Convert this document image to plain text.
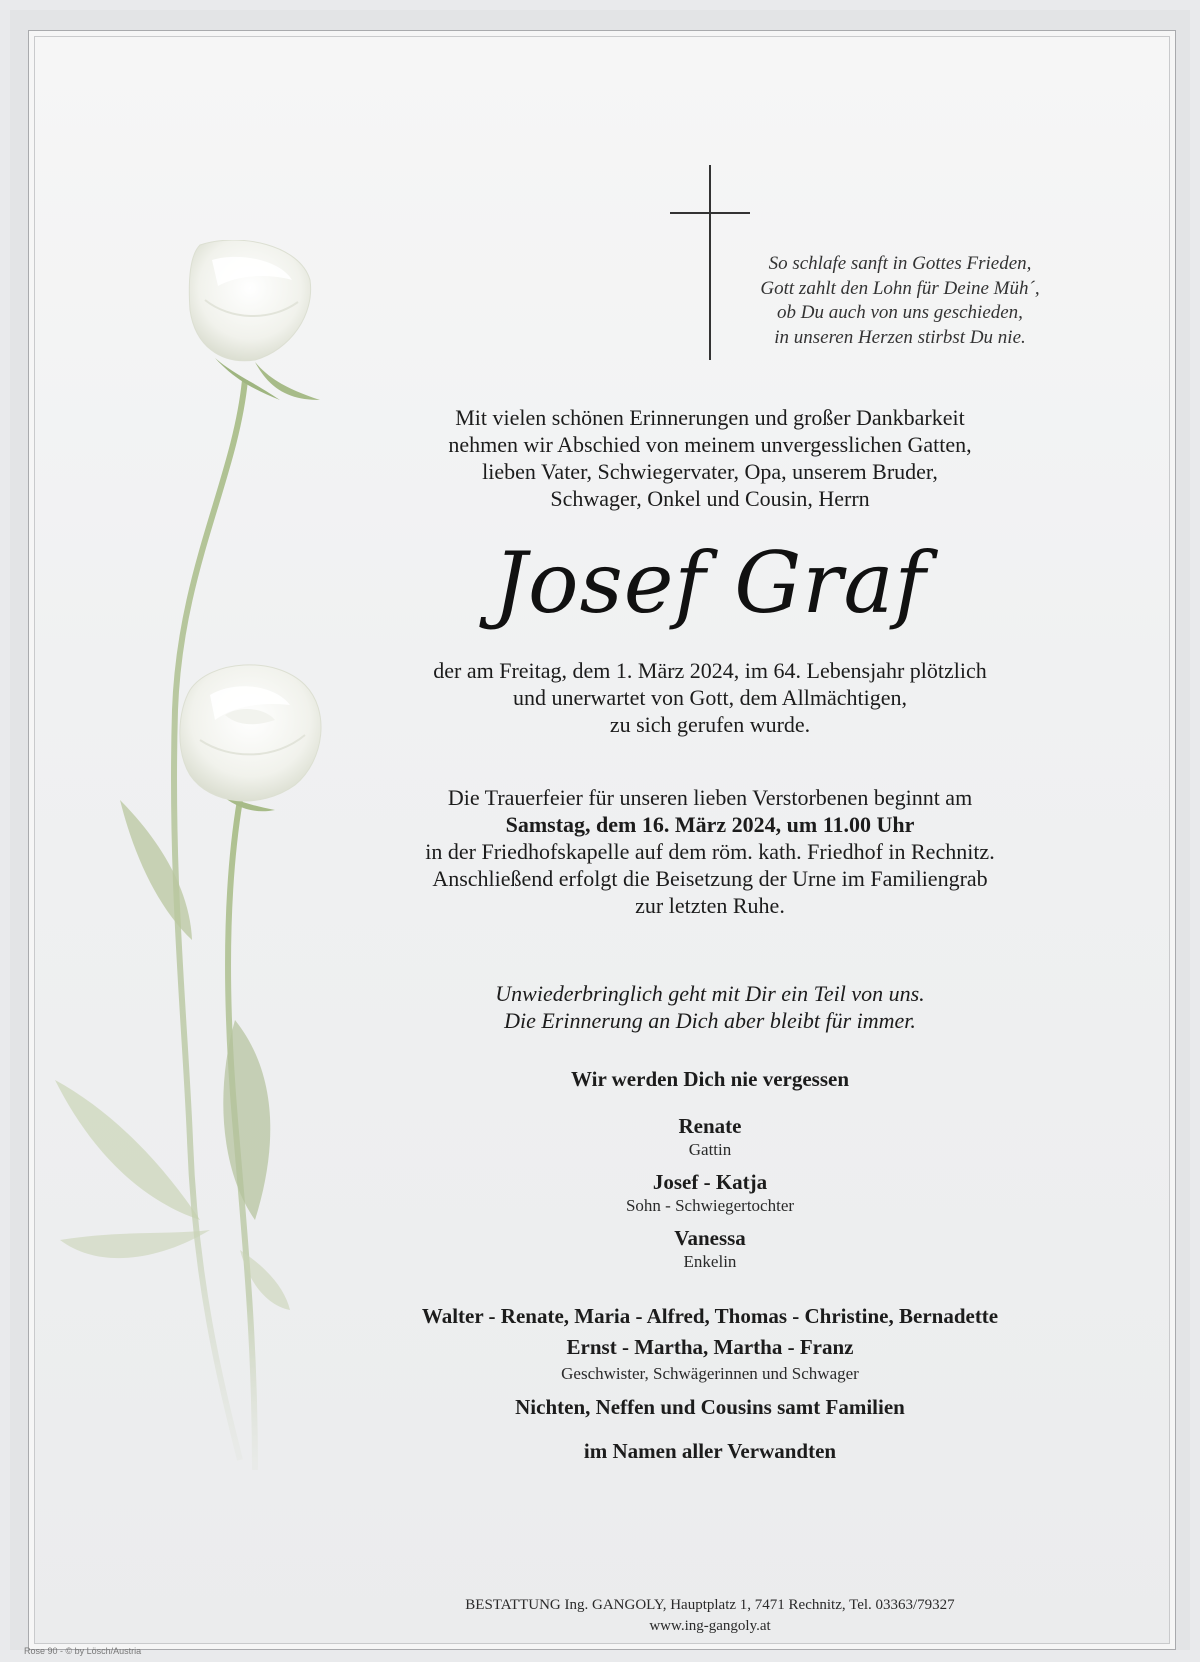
So schlafe sanft in Gottes Frieden,
Gott zahlt den Lohn für Deine Müh´,
ob Du auch von uns geschieden,
in unseren Herzen stirbst Du nie.
Mit vielen schönen Erinnerungen und großer Dankbarkeit
nehmen wir Abschied von meinem unvergesslichen Gatten,
lieben Vater, Schwiegervater, Opa, unserem Bruder,
Schwager, Onkel und Cousin, Herrn
Josef Graf
der am Freitag, dem 1. März 2024, im 64. Lebensjahr plötzlich
und unerwartet von Gott, dem Allmächtigen,
zu sich gerufen wurde.
Die Trauerfeier für unseren lieben Verstorbenen beginnt am
Samstag, dem 16. März 2024, um 11.00 Uhr
in der Friedhofskapelle auf dem röm. kath. Friedhof in Rechnitz.
Anschließend erfolgt die Beisetzung der Urne im Familiengrab
zur letzten Ruhe.
Unwiederbringlich geht mit Dir ein Teil von uns.
Die Erinnerung an Dich aber bleibt für immer.
Wir werden Dich nie vergessen
Renate
Gattin
Josef - Katja
Sohn - Schwiegertochter
Vanessa
Enkelin
Walter - Renate, Maria - Alfred, Thomas - Christine, Bernadette
Ernst - Martha, Martha - Franz
Geschwister, Schwägerinnen und Schwager
Nichten, Neffen und Cousins samt Familien
im Namen aller Verwandten
BESTATTUNG Ing. GANGOLY, Hauptplatz 1, 7471 Rechnitz, Tel. 03363/79327
www.ing-gangoly.at
Rose 90 - © by Lösch/Austria
